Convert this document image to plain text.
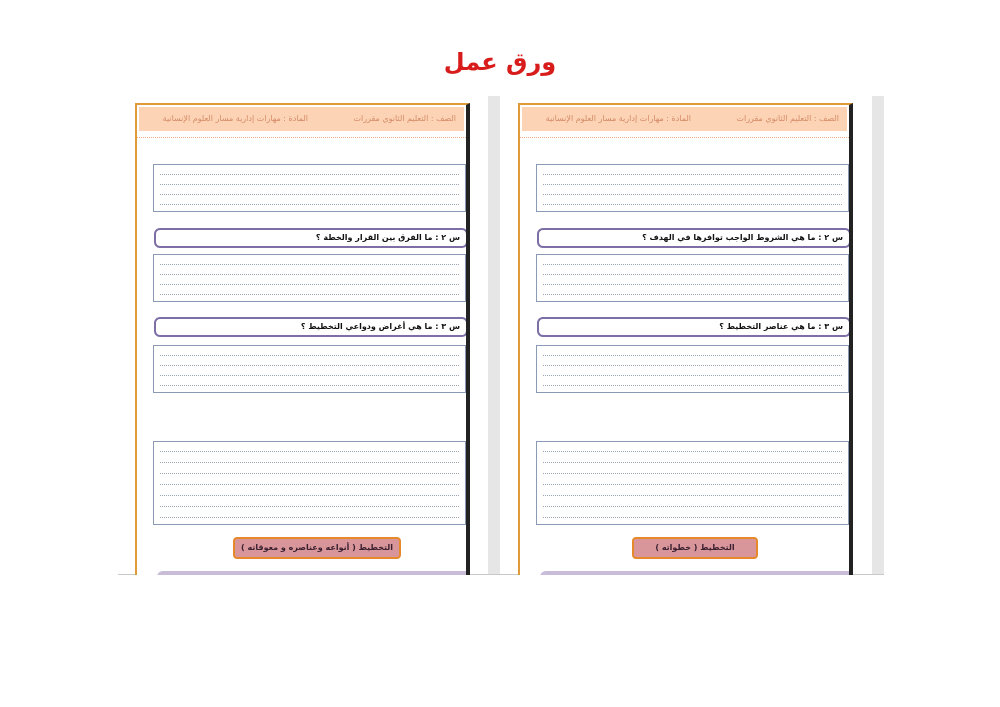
ورق عمل
الصف : التعليم الثانوي مقررات
المادة : مهارات إدارية مسار العلوم الإنسانية
س ٢ : ما الفرق بين القرار والخطة ؟
س ٣ : ما هي أغراض ودواعي التخطيط ؟
التخطيط ( أنواعه وعناصره و معوقاته )
الصف : التعليم الثانوي مقررات
المادة : مهارات إدارية مسار العلوم الإنسانية
س ٢ : ما هي الشروط الواجب توافرها في الهدف ؟
س ٣ : ما هي عناصر التخطيط ؟
التخطيط ( خطواته )
